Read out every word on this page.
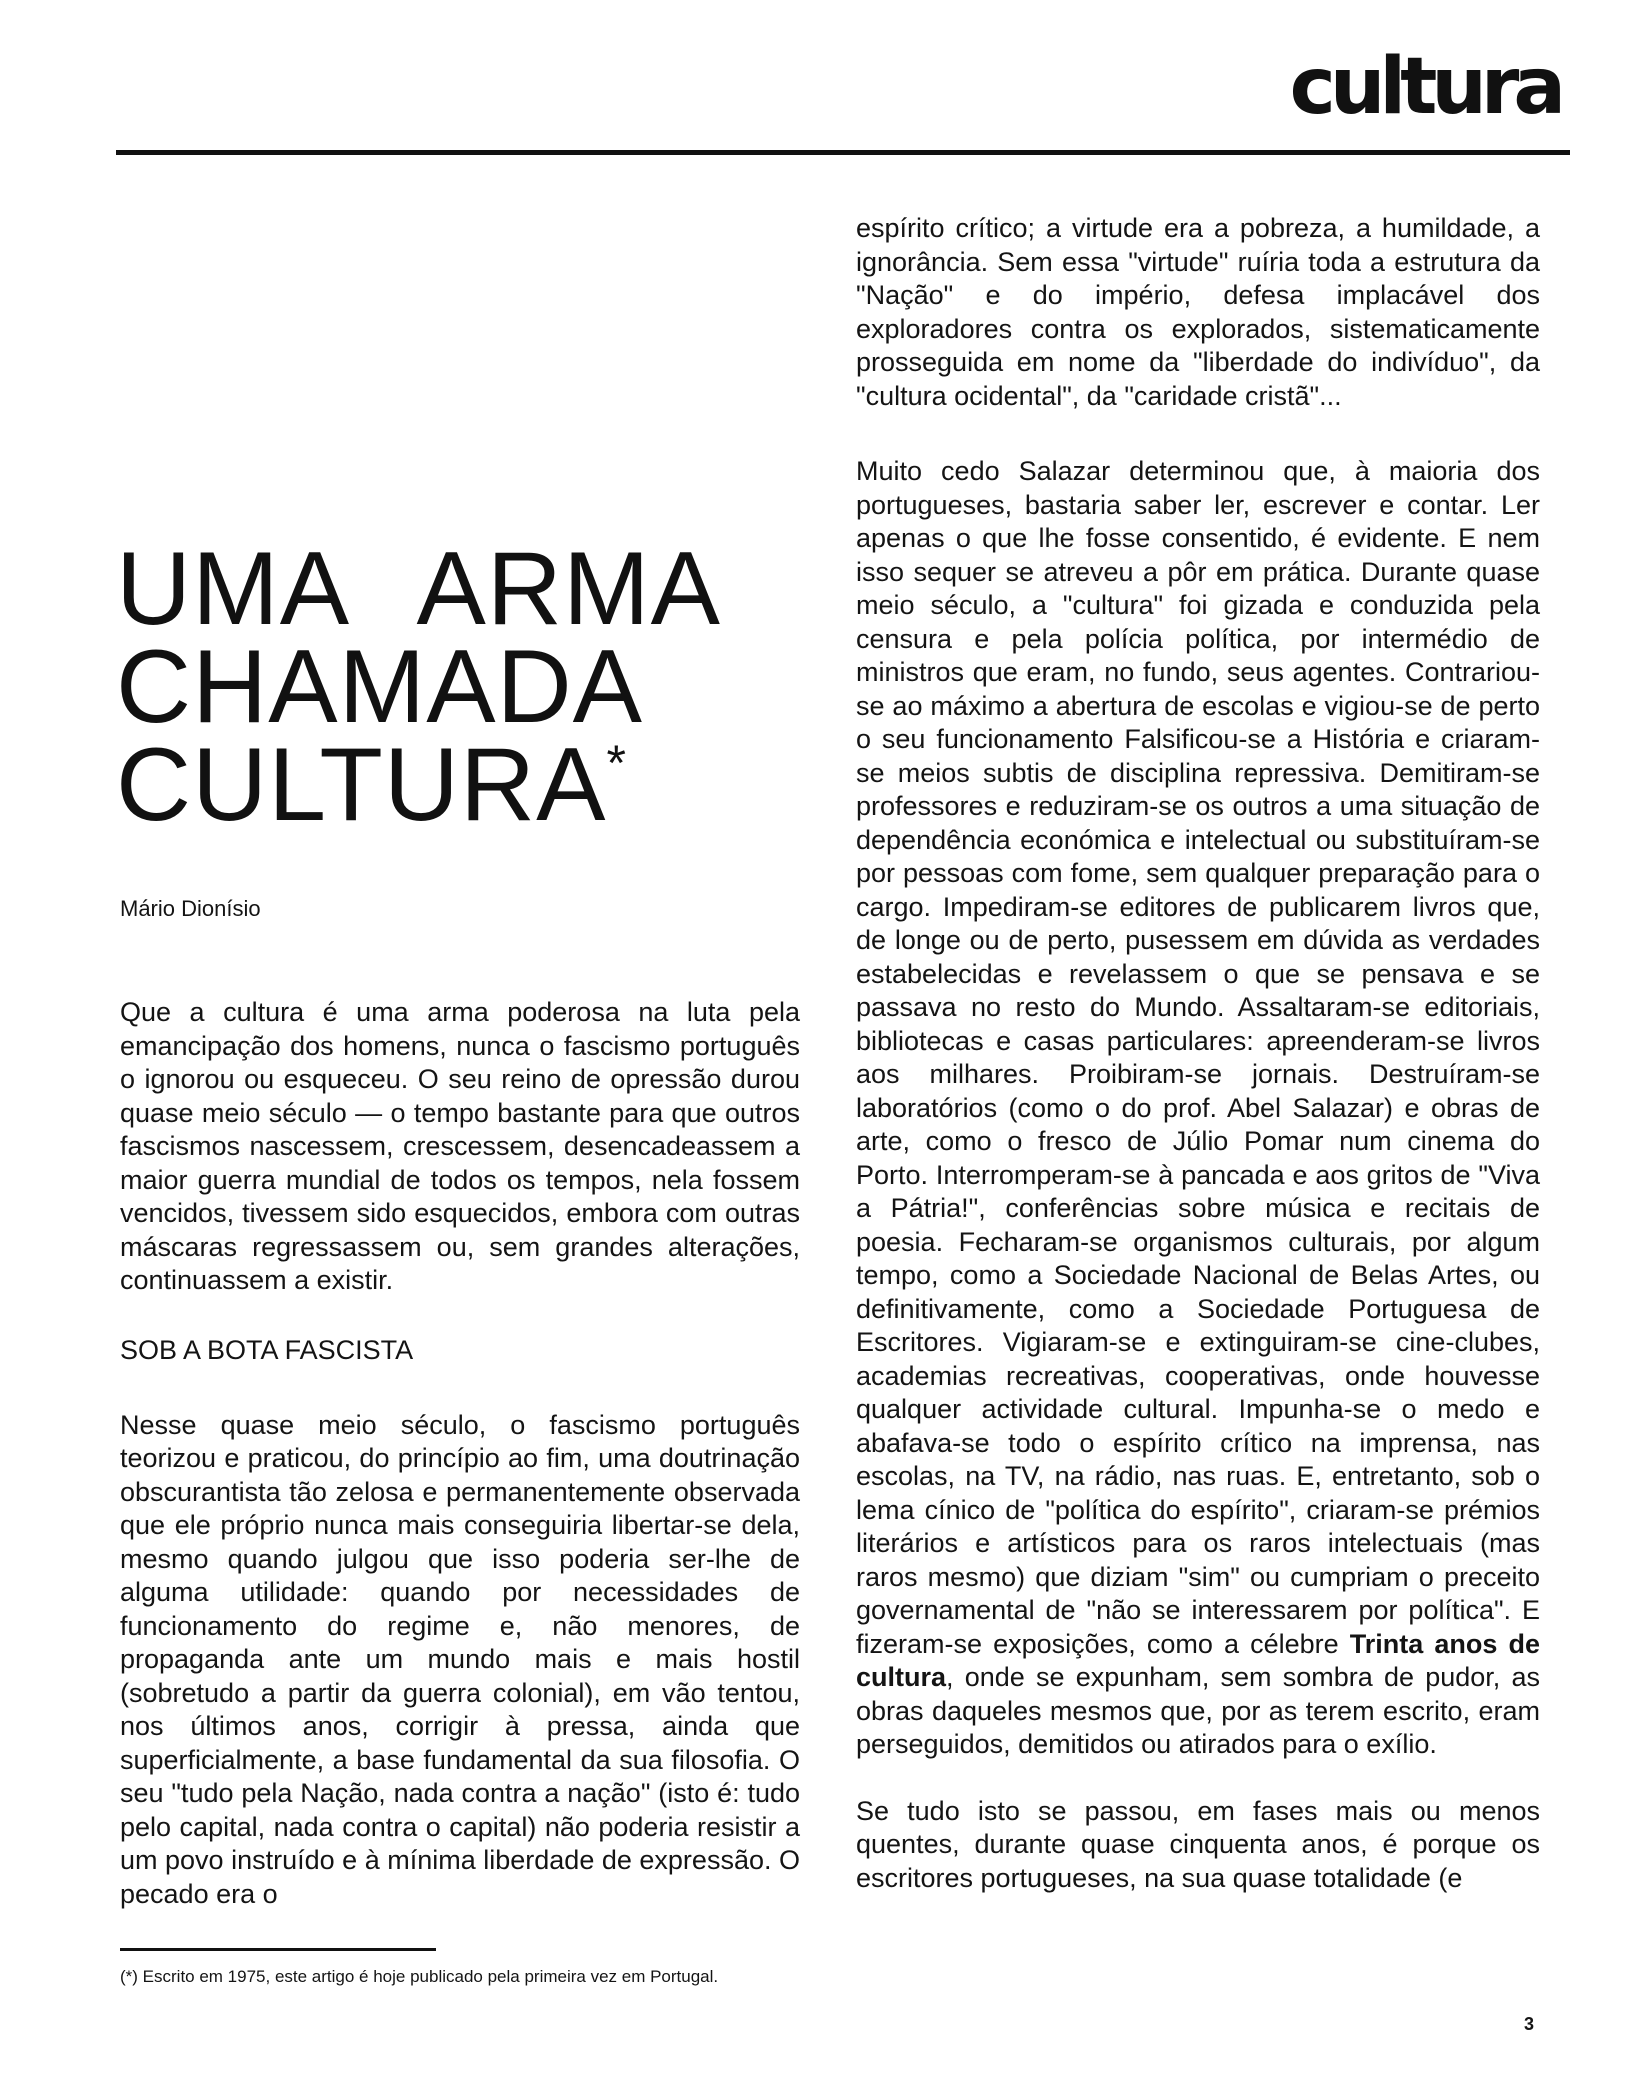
cultura
UMA ARMA
CHAMADA
CULTURA*

Mário Dionísio

Que a cultura é uma arma poderosa na luta pela emancipação dos homens, nunca o fascismo português o ignorou ou esqueceu. O seu reino de opressão durou quase meio século — o tempo bastante para que outros fascismos nascessem, crescessem, desencadeassem a maior guerra mundial de todos os tempos, nela fossem vencidos, tivessem sido esquecidos, embora com outras máscaras regressassem ou, sem grandes alterações, continuassem a existir.

SOB A BOTA FASCISTA

Nesse quase meio século, o fascismo português teorizou e praticou, do princípio ao fim, uma doutrinação obscurantista tão zelosa e permanentemente observada que ele próprio nunca mais conseguiria libertar-se dela, mesmo quando julgou que isso poderia ser-lhe de alguma utilidade: quando por necessidades de funcionamento do regime e, não menores, de propaganda ante um mundo mais e mais hostil (sobretudo a partir da guerra colonial), em vão tentou, nos últimos anos, corrigir à pressa, ainda que superficialmente, a base fundamental da sua filosofia. O seu "tudo pela Nação, nada contra a nação" (isto é: tudo pelo capital, nada contra o capital) não poderia resistir a um povo instruído e à mínima liberdade de expressão. O pecado era o

espírito crítico; a virtude era a pobreza, a humildade, a ignorância. Sem essa "virtude" ruíria toda a estrutura da "Nação" e do império, defesa implacável dos exploradores contra os explorados, sistematicamente prosseguida em nome da "liberdade do indivíduo", da "cultura ocidental", da "caridade cristã"...

Muito cedo Salazar determinou que, à maioria dos portugueses, bastaria saber ler, escrever e contar. Ler apenas o que lhe fosse consentido, é evidente. E nem isso sequer se atreveu a pôr em prática. Durante quase meio século, a "cultura" foi gizada e conduzida pela censura e pela polícia política, por intermédio de ministros que eram, no fundo, seus agentes. Contrariou-se ao máximo a abertura de escolas e vigiou-se de perto o seu funcionamento Falsificou-se a História e criaram-se meios subtis de disciplina repressiva. Demitiram-se professores e reduziram-se os outros a uma situação de dependência económica e intelectual ou substituíram-se por pessoas com fome, sem qualquer preparação para o cargo. Impediram-se editores de publicarem livros que, de longe ou de perto, pusessem em dúvida as verdades estabelecidas e revelassem o que se pensava e se passava no resto do Mundo. Assaltaram-se editoriais, bibliotecas e casas particulares: apreenderam-se livros aos milhares. Proibiram-se jornais. Destruíram-se laboratórios (como o do prof. Abel Salazar) e obras de arte, como o fresco de Júlio Pomar num cinema do Porto. Interromperam-se à pancada e aos gritos de "Viva a Pátria!", conferências sobre música e recitais de poesia. Fecharam-se organismos culturais, por algum tempo, como a Sociedade Nacional de Belas Artes, ou definitivamente, como a Sociedade Portuguesa de Escritores. Vigiaram-se e extinguiram-se cine-clubes, academias recreativas, cooperativas, onde houvesse qualquer actividade cultural. Impunha-se o medo e abafava-se todo o espírito crítico na imprensa, nas escolas, na TV, na rádio, nas ruas. E, entretanto, sob o lema cínico de "política do espírito", criaram-se prémios literários e artísticos para os raros intelectuais (mas raros mesmo) que diziam "sim" ou cumpriam o preceito governamental de "não se interessarem por política". E fizeram-se exposições, como a célebre Trinta anos de cultura, onde se expunham, sem sombra de pudor, as obras daqueles mesmos que, por as terem escrito, eram perseguidos, demitidos ou atirados para o exílio.

Se tudo isto se passou, em fases mais ou menos quentes, durante quase cinquenta anos, é porque os escritores portugueses, na sua quase totalidade (e

(*) Escrito em 1975, este artigo é hoje publicado pela primeira vez em Portugal.

3
